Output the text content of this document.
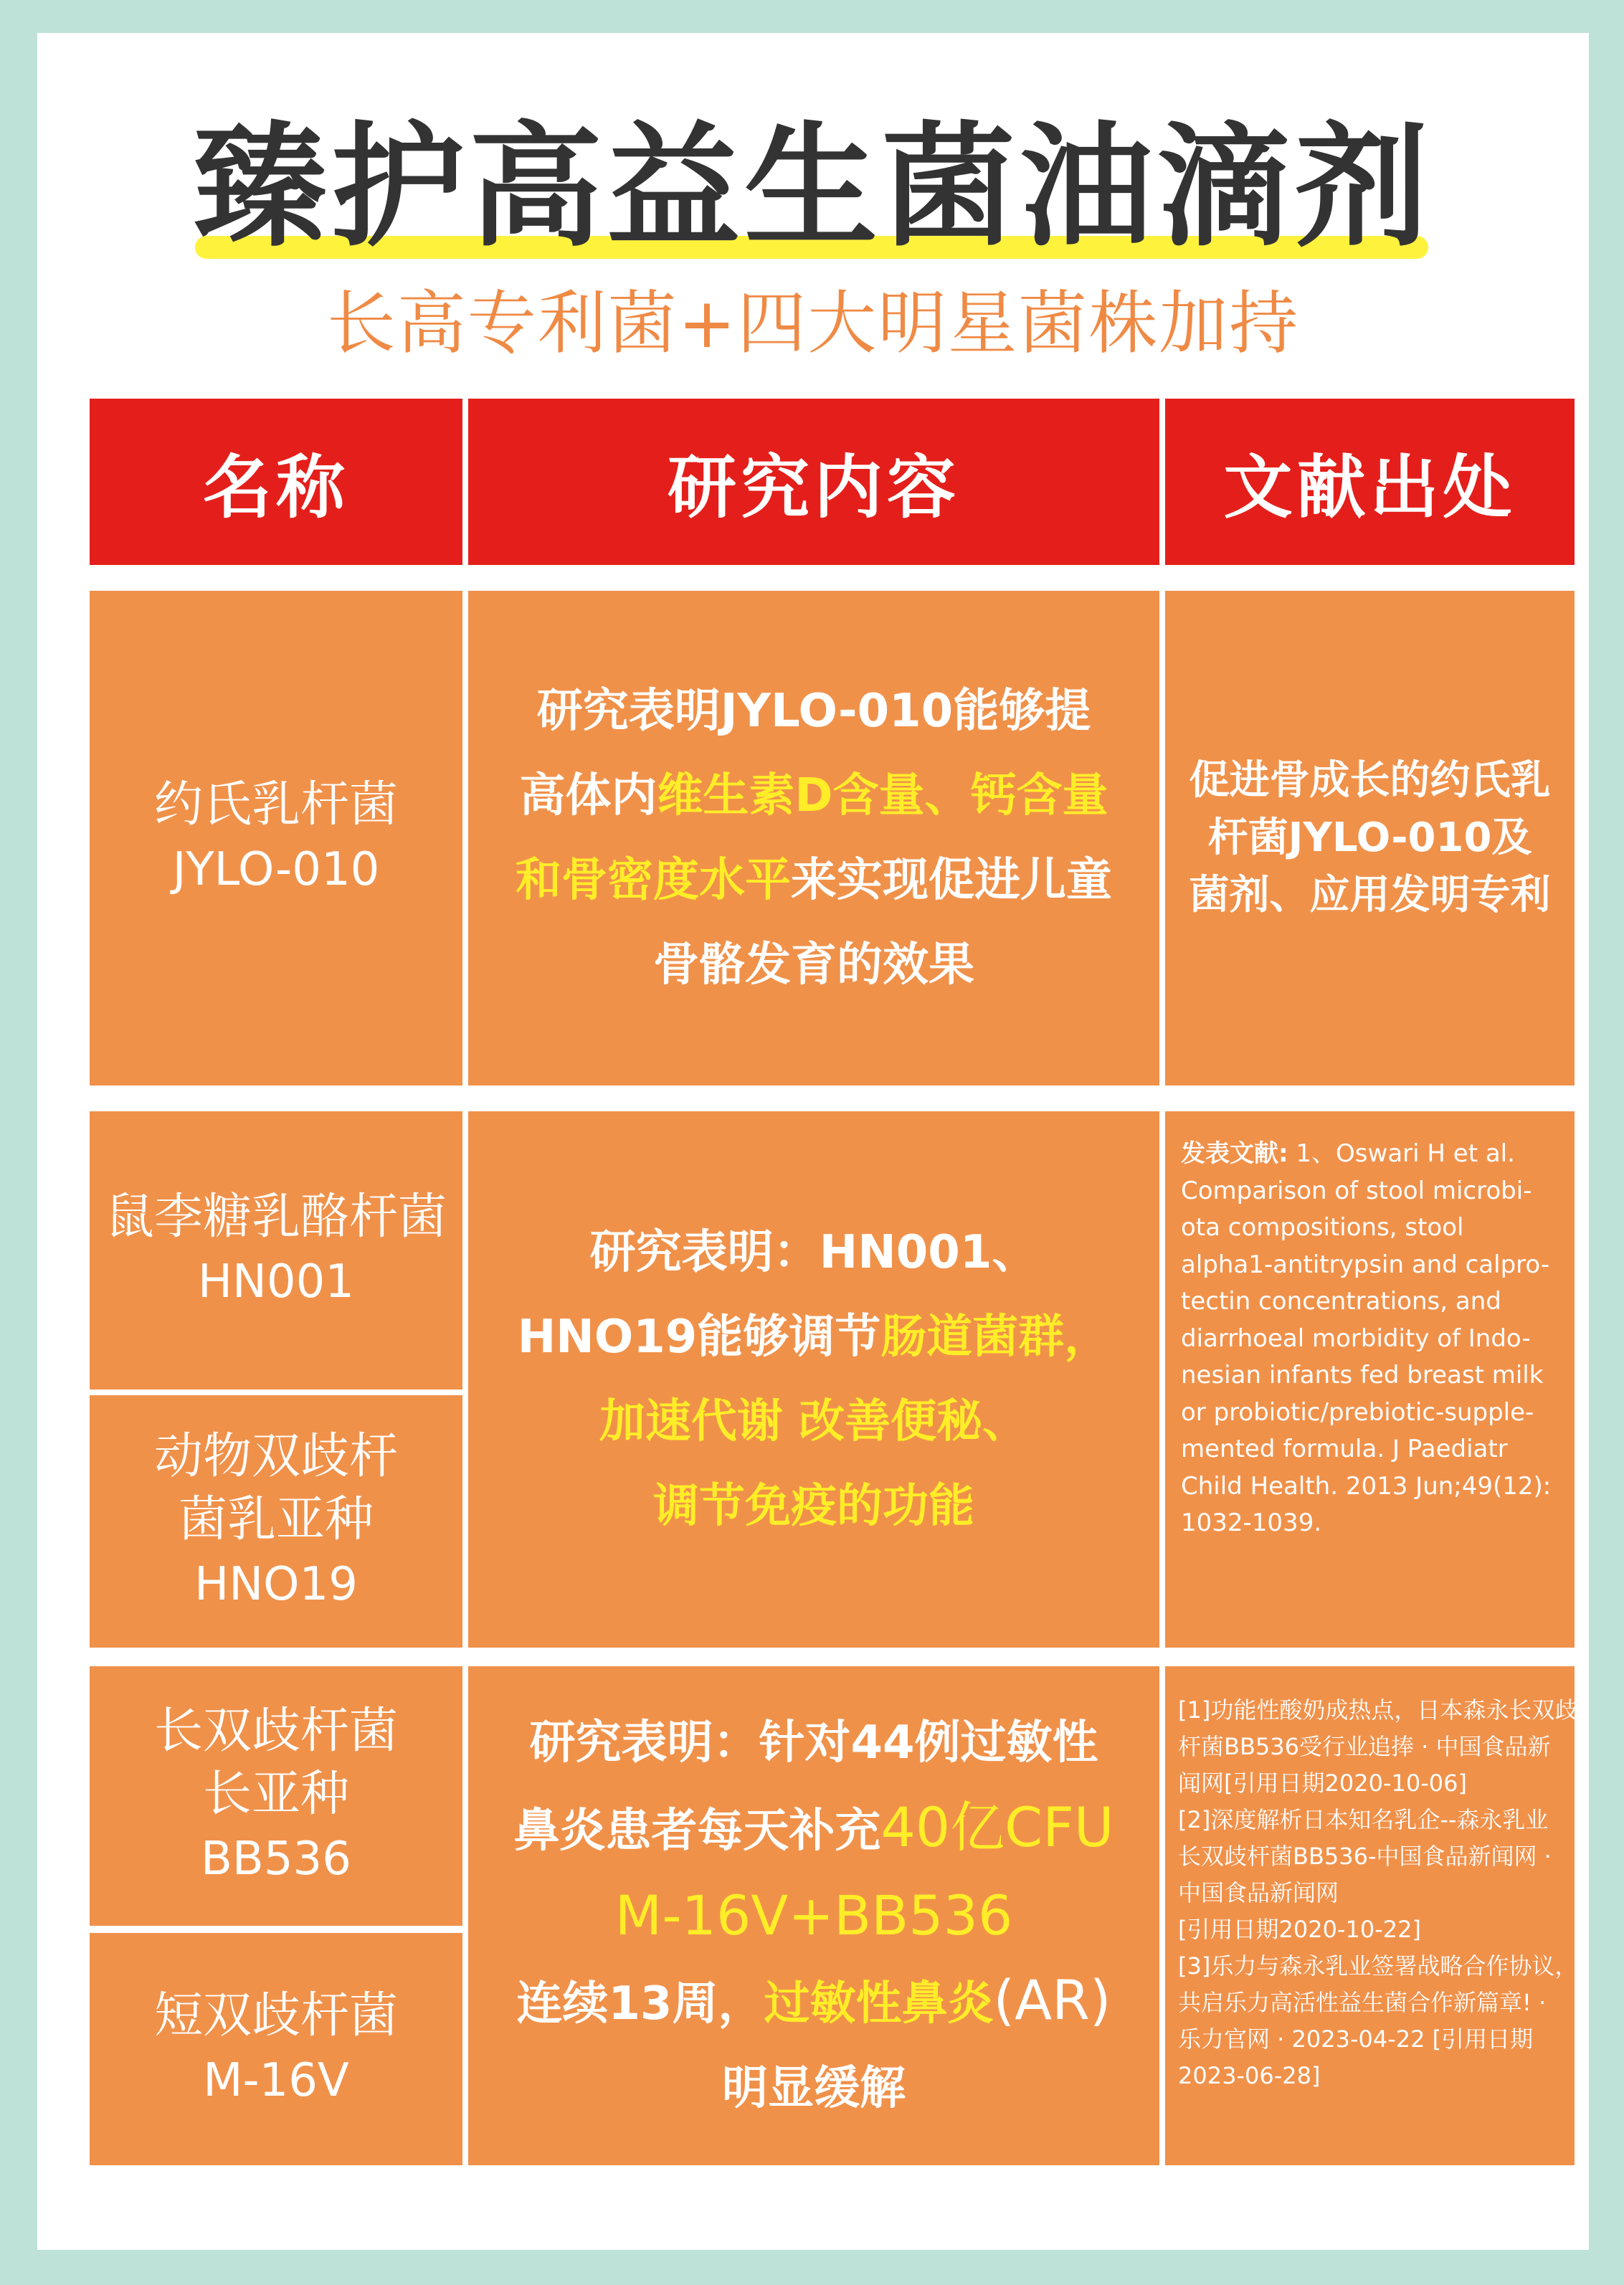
臻护高益生菌油滴剂
长高专利菌+四大明星菌株加持
名称	研究内容	文献出处
约氏乳杆菌
JYLO-010
研究表明JYLO-010能够提
高体内维生素D含量、钙含量
和骨密度水平来实现促进儿童
骨骼发育的效果
促进骨成长的约氏乳
杆菌JYLO-010及
菌剂、应用发明专利
鼠李糖乳酪杆菌
HN001
动物双歧杆
菌乳亚种
HNO19
研究表明：HN001、
HNO19能够调节肠道菌群，
加速代谢 改善便秘、
调节免疫的功能
发表文献: 1、Oswari H et al.
Comparison of stool microbi-
ota compositions, stool
alpha1-antitrypsin and calpro-
tectin concentrations, and
diarrhoeal morbidity of Indo-
nesian infants fed breast milk
or probiotic/prebiotic-supple-
mented formula. J Paediatr
Child Health. 2013 Jun;49(12):
1032-1039.
长双歧杆菌
长亚种
BB536
短双歧杆菌
M-16V
研究表明：针对44例过敏性
鼻炎患者每天补充40亿CFU
M-16V+BB536
连续13周，过敏性鼻炎(AR)
明显缓解
[1]功能性酸奶成热点，日本森永长双歧
杆菌BB536受行业追捧 · 中国食品新
闻网[引用日期2020-10-06]
[2]深度解析日本知名乳企--森永乳业
长双歧杆菌BB536-中国食品新闻网 ·
中国食品新闻网
[引用日期2020-10-22]
[3]乐力与森永乳业签署战略合作协议，
共启乐力高活性益生菌合作新篇章! ·
乐力官网 · 2023-04-22 [引用日期
2023-06-28]
